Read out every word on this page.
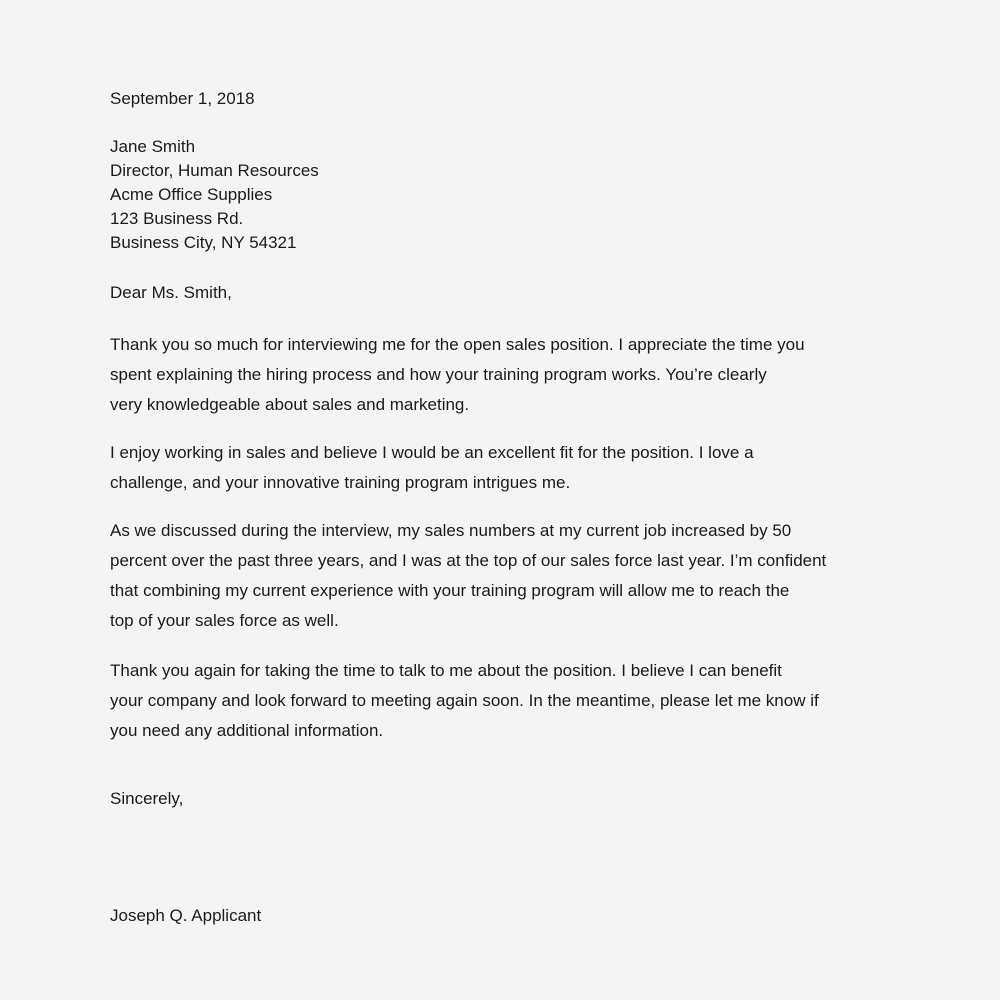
September 1, 2018
Jane Smith
Director, Human Resources
Acme Office Supplies
123 Business Rd.
Business City, NY 54321
Dear Ms. Smith,

Thank you so much for interviewing me for the open sales position. I appreciate the time you
spent explaining the hiring process and how your training program works. You’re clearly
very knowledgeable about sales and marketing.

I enjoy working in sales and believe I would be an excellent fit for the position. I love a
challenge, and your innovative training program intrigues me.

As we discussed during the interview, my sales numbers at my current job increased by 50
percent over the past three years, and I was at the top of our sales force last year. I’m confident
that combining my current experience with your training program will allow me to reach the
top of your sales force as well.

Thank you again for taking the time to talk to me about the position. I believe I can benefit
your company and look forward to meeting again soon. In the meantime, please let me know if
you need any additional information.

Sincerely,
Joseph Q. Applicant
